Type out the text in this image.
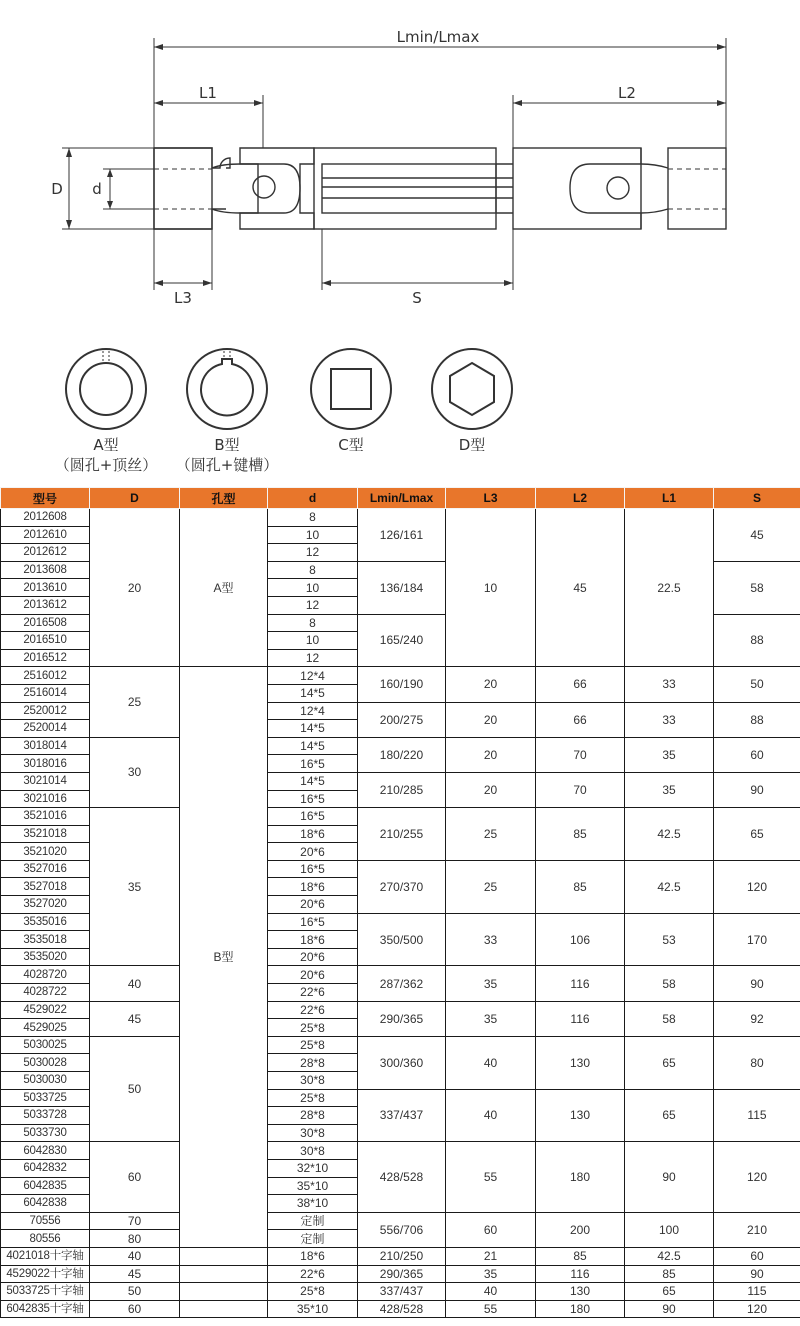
Lmin/Lmax
L1	L2
L3	S
D d
A型
（圆孔+顶丝）
B型
（圆孔+键槽）
C型	D型
型号	D	孔型	d	Lmin/Lmax	L3	L2	L1	S
2012608	20	A型	8	126/161	10	45	22.5	45
2012610			10					
2012612			12					
2013608			8	136/184				58
2013610			10					
2013612			12					
2016508			8	165/240				88
2016510			10					
2016512			12					
2516012	25	B型	12*4	160/190	20	66	33	50
2516014			14*5					
2520012			12*4	200/275	20	66	33	88
2520014			14*5					
3018014	30		14*5	180/220	20	70	35	60
3018016			16*5					
3021014			14*5	210/285	20	70	35	90
3021016			16*5					
3521016	35		16*5	210/255	25	85	42.5	65
3521018			18*6					
3521020			20*6					
3527016			16*5	270/370	25	85	42.5	120
3527018			18*6					
3527020			20*6					
3535016			16*5	350/500	33	106	53	170
3535018			18*6					
3535020			20*6					
4028720	40		20*6	287/362	35	116	58	90
4028722			22*6					
4529022	45		22*6	290/365	35	116	58	92
4529025			25*8					
5030025	50		25*8	300/360	40	130	65	80
5030028			28*8					
5030030			30*8					
5033725			25*8	337/437	40	130	65	115
5033728			28*8					
5033730			30*8					
6042830	60		30*8	428/528	55	180	90	120
6042832			32*10					
6042835			35*10					
6042838			38*10					
70556	70		定制	556/706	60	200	100	210
80556	80		定制					
4021018十字轴	40		18*6	210/250	21	85	42.5	60
4529022十字轴	45		22*6	290/365	35	116	85	90
5033725十字轴	50		25*8	337/437	40	130	65	115
6042835十字轴	60		35*10	428/528	55	180	90	120
